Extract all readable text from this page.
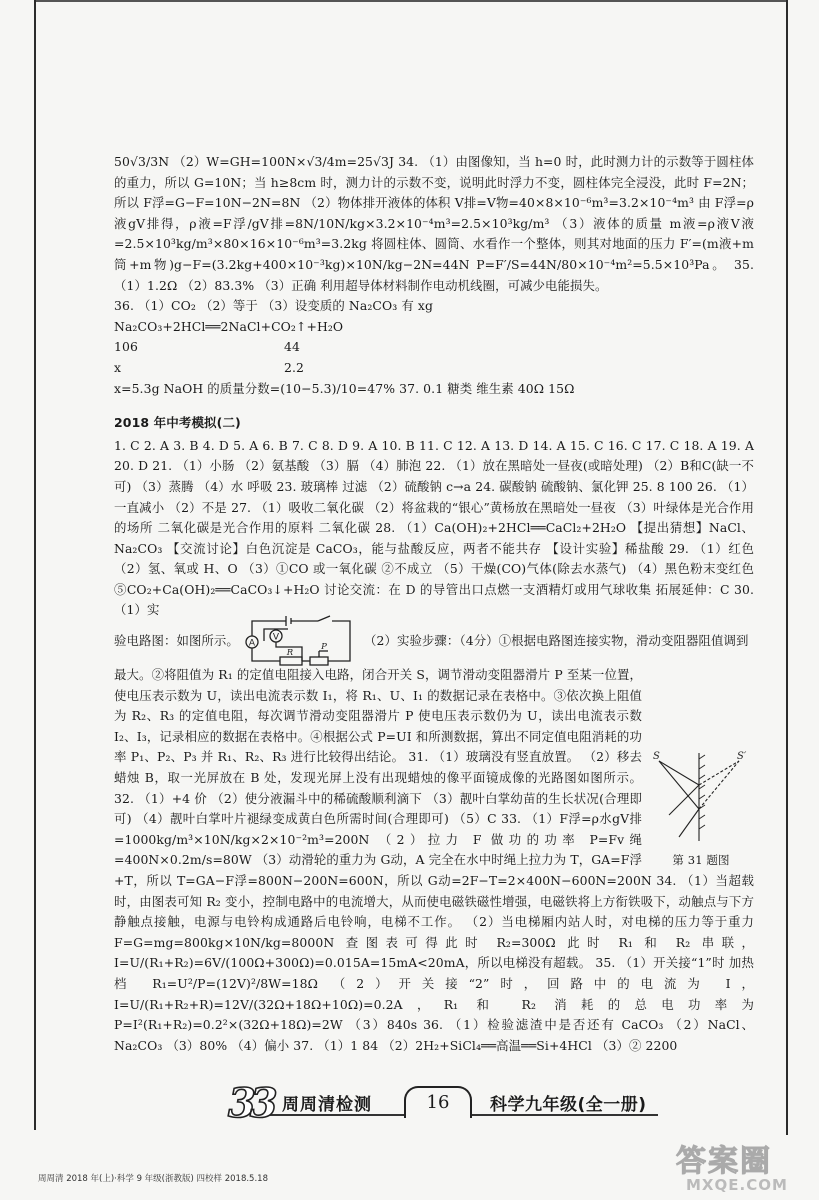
50√3/3N （2）W=GH=100N×√3/4m=25√3J 34. （1）由图像知，当 h=0 时，此时测力计的示数等于圆柱体的重力，所以 G=10N；当 h≥8cm 时，测力计的示数不变，说明此时浮力不变，圆柱体完全浸没，此时 F=2N；所以 F浮=G−F=10N−2N=8N （2）物体排开液体的体积 V排=V物=40×8×10⁻⁶m³=3.2×10⁻⁴m³ 由 F浮=ρ液gV排得，ρ液=F浮/gV排=8N/10N/kg×3.2×10⁻⁴m³=2.5×10³kg/m³ （3）液体的质量 m液=ρ液V液=2.5×10³kg/m³×80×16×10⁻⁶m³=3.2kg 将圆柱体、圆筒、水看作一个整体，则其对地面的压力 F′=(m液+m筒+m物)g−F=(3.2kg+400×10⁻³kg)×10N/kg−2N=44N P=F′/S=44N/80×10⁻⁴m²=5.5×10³Pa。 35. （1）1.2Ω （2）83.3% （3）正确 利用超导体材料制作电动机线圈，可减少电能损失。

36. （1）CO₂ （2）等于 （3）设变质的 Na₂CO₃ 有 xg

Na₂CO₃+2HCl══2NaCl+CO₂↑+H₂O

106	44

x	2.2

x=5.3g NaOH 的质量分数=(10−5.3)/10=47% 37. 0.1 糖类 维生素 40Ω 15Ω

2018 年中考模拟(二)

1. C 2. A 3. B 4. D 5. A 6. B 7. C 8. D 9. A 10. B 11. C 12. A 13. D 14. A 15. C 16. C 17. C 18. A 19. A 20. D 21. （1）小肠 （2）氨基酸 （3）膈 （4）肺泡 22. （1）放在黑暗处一昼夜(或暗处理) （2）B和C(缺一不可) （3）蒸腾 （4）水 呼吸 23. 玻璃棒 过滤 （2）硫酸钠 c→a 24. 碳酸钠 硫酸钠、氯化钾 25. 8 100 26. （1）一直减小 （2）不是 27. （1）吸收二氧化碳 （2）将盆栽的“银心”黄杨放在黑暗处一昼夜 （3）叶绿体是光合作用的场所 二氧化碳是光合作用的原料 二氧化碳 28. （1）Ca(OH)₂+2HCl══CaCl₂+2H₂O 【提出猜想】NaCl、Na₂CO₃ 【交流讨论】白色沉淀是 CaCO₃，能与盐酸反应，两者不能共存 【设计实验】稀盐酸 29. （1）红色 （2）氢、氧或 H、O （3）①CO 或一氧化碳 ②不成立 （5）干燥(CO)气体(除去水蒸气) （4）黑色粉末变红色 ⑤CO₂+Ca(OH)₂══CaCO₃↓+H₂O 讨论交流：在 D 的导管出口点燃一支酒精灯或用气球收集 拓展延伸：C 30. （1）实

验电路图：如图所示。 A
V
R
P	（2）实验步骤：（4分）①根据电路图连接实物，滑动变阻器阻值调到
S	S′
第 31 题图

最大。②将阻值为 R₁ 的定值电阻接入电路，闭合开关 S，调节滑动变阻器滑片 P 至某一位置，使电压表示数为 U，读出电流表示数 I₁，将 R₁、U、I₁ 的数据记录在表格中。③依次换上阻值为 R₂、R₃ 的定值电阻，每次调节滑动变阻器滑片 P 使电压表示数仍为 U，读出电流表示数 I₂、I₃，记录相应的数据在表格中。④根据公式 P=UI 和所测数据，算出不同定值电阻消耗的功率 P₁、P₂、P₃ 并 R₁、R₂、R₃ 进行比较得出结论。 31. （1）玻璃没有竖直放置。 （2）移去蜡烛 B，取一光屏放在 B 处，发现光屏上没有出现蜡烛的像平面镜成像的光路图如图所示。 32. （1）+4 价 （2）使分液漏斗中的稀硫酸顺利滴下 （3）靓叶白掌幼苗的生长状况(合理即可) （4）靓叶白掌叶片褪绿变成黄白色所需时间(合理即可) （5）C 33. （1）F浮=ρ水gV排=1000kg/m³×10N/kg×2×10⁻²m³=200N （2）拉力 F 做功的功率 P=Fv绳=400N×0.2m/s=80W （3）动滑轮的重力为 G动，A 完全在水中时绳上拉力为 T，GA=F浮+T，所以 T=GA−F浮=800N−200N=600N，所以 G动=2F−T=2×400N−600N=200N 34. （1）当超载时，由图表可知 R₂ 变小，控制电路中的电流增大，从而使电磁铁磁性增强，电磁铁将上方衔铁吸下，动触点与下方静触点接触，电源与电铃构成通路后电铃响，电梯不工作。 （2）当电梯厢内站人时，对电梯的压力等于重力 F=G=mg=800kg×10N/kg=8000N 查图表可得此时 R₂=300Ω 此时 R₁ 和 R₂ 串联，I=U/(R₁+R₂)=6V/(100Ω+300Ω)=0.015A=15mA<20mA，所以电梯没有超载。 35. （1）开关接“1”时 加热档 R₁=U²/P=(12V)²/8W=18Ω （2）开关接“2”时，回路中的电流为 I，I=U/(R₁+R₂+R)=12V/(32Ω+18Ω+10Ω)=0.2A，R₁ 和 R₂ 消耗的总电功率为 P=I²(R₁+R₂)=0.2²×(32Ω+18Ω)=2W （3）840s 36. （1）检验滤渣中是否还有 CaCO₃ （2）NaCl、Na₂CO₃ （3）80% （4）偏小 37. （1）1 84 （2）2H₂+SiCl₄══高温══Si+4HCl （3）② 2200

33 周周清检测	16	科学九年级(全一册)
周周清 2018 年(上)·科学 9 年级(浙教版) 四校样 2018.5.18	答案圈
MXQE.COM
